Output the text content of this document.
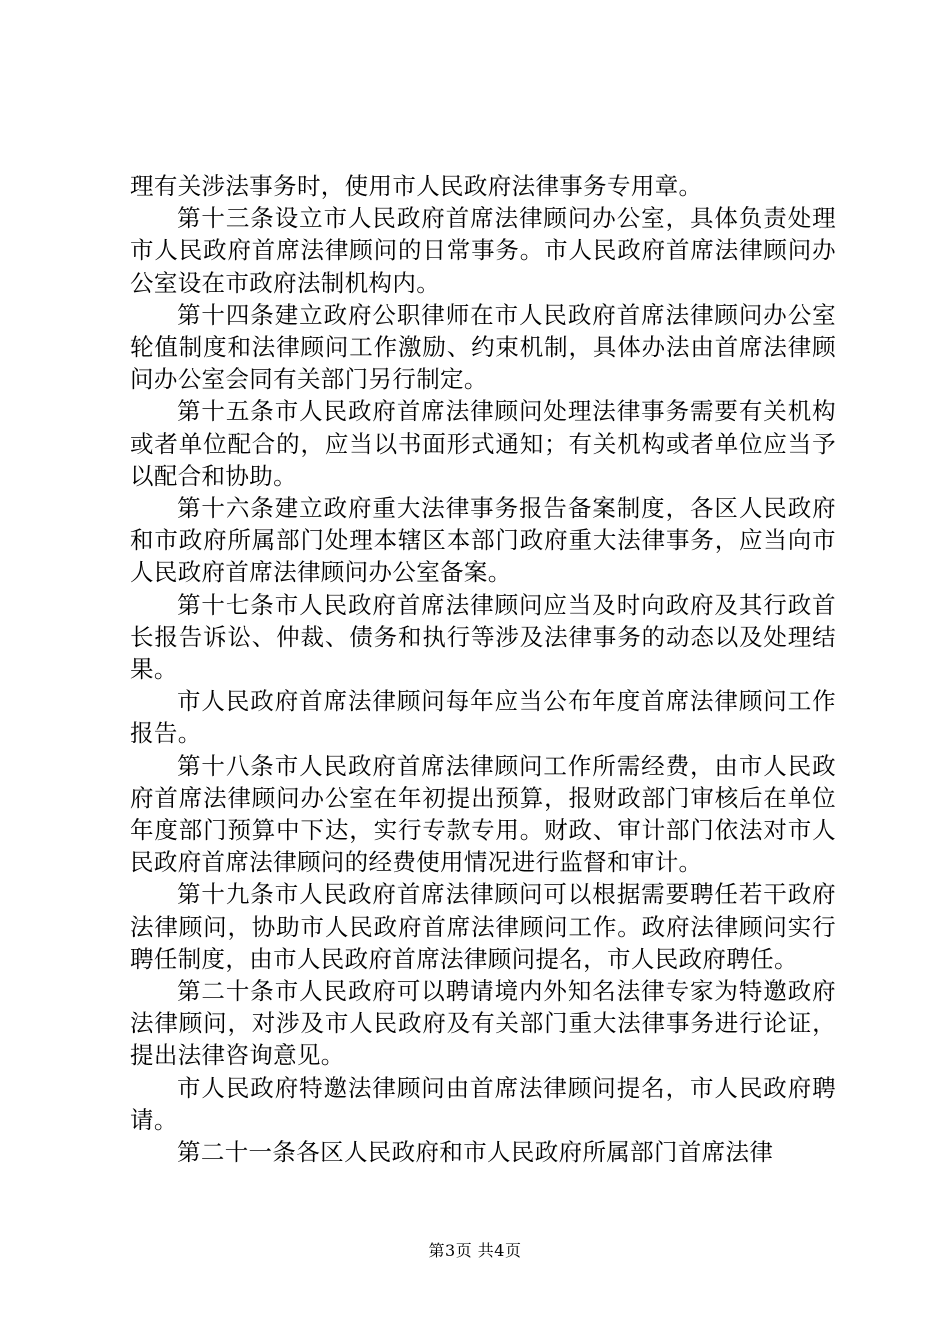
理有关涉法事务时，使用市人民政府法律事务专用章。

第十三条设立市人民政府首席法律顾问办公室，具体负责处理市人民政府首席法律顾问的日常事务。市人民政府首席法律顾问办公室设在市政府法制机构内。

第十四条建立政府公职律师在市人民政府首席法律顾问办公室轮值制度和法律顾问工作激励、约束机制，具体办法由首席法律顾问办公室会同有关部门另行制定。

第十五条市人民政府首席法律顾问处理法律事务需要有关机构或者单位配合的，应当以书面形式通知；有关机构或者单位应当予以配合和协助。

第十六条建立政府重大法律事务报告备案制度，各区人民政府和市政府所属部门处理本辖区本部门政府重大法律事务，应当向市人民政府首席法律顾问办公室备案。

第十七条市人民政府首席法律顾问应当及时向政府及其行政首长报告诉讼、仲裁、债务和执行等涉及法律事务的动态以及处理结果。

市人民政府首席法律顾问每年应当公布年度首席法律顾问工作报告。

第十八条市人民政府首席法律顾问工作所需经费，由市人民政府首席法律顾问办公室在年初提出预算，报财政部门审核后在单位年度部门预算中下达，实行专款专用。财政、审计部门依法对市人民政府首席法律顾问的经费使用情况进行监督和审计。

第十九条市人民政府首席法律顾问可以根据需要聘任若干政府法律顾问，协助市人民政府首席法律顾问工作。政府法律顾问实行聘任制度，由市人民政府首席法律顾问提名，市人民政府聘任。

第二十条市人民政府可以聘请境内外知名法律专家为特邀政府法律顾问，对涉及市人民政府及有关部门重大法律事务进行论证，提出法律咨询意见。

市人民政府特邀法律顾问由首席法律顾问提名，市人民政府聘请。

第二十一条各区人民政府和市人民政府所属部门首席法律

第3页 共4页
